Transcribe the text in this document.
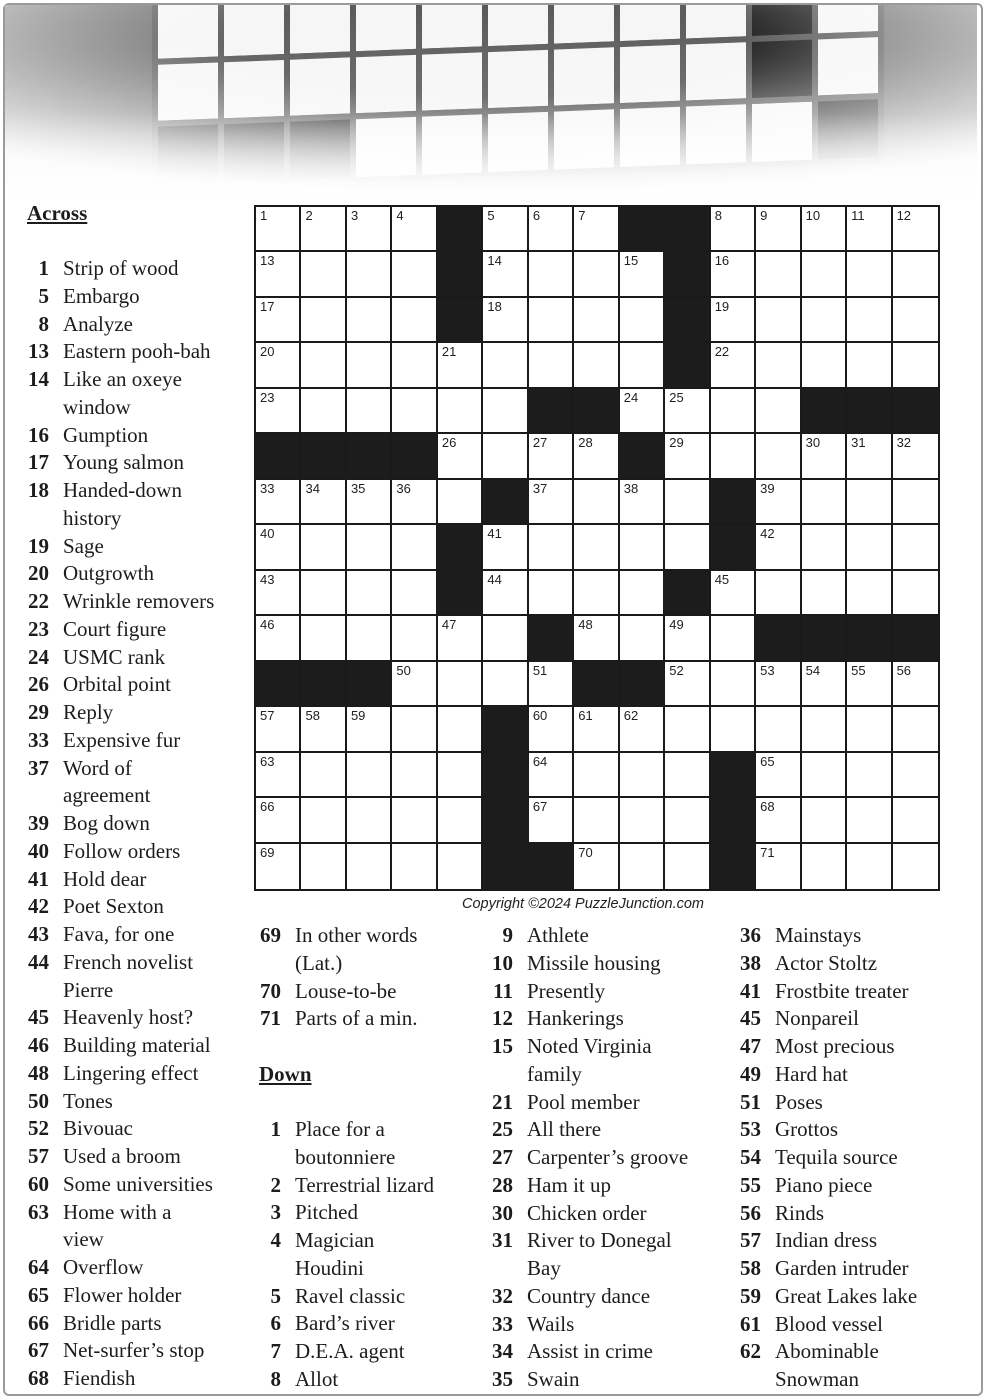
Across
1 Strip of wood
5 Embargo
8 Analyze
13 Eastern pooh-bah
14 Like an oxeye
window
16 Gumption
17 Young salmon
18 Handed-down
history
19 Sage
20 Outgrowth
22 Wrinkle removers
23 Court figure
24 USMC rank
26 Orbital point
29 Reply
33 Expensive fur
37 Word of
agreement
39 Bog down
40 Follow orders
41 Hold dear
42 Poet Sexton
43 Fava, for one
44 French novelist
Pierre
45 Heavenly host?
46 Building material
48 Lingering effect
50 Tones
52 Bivouac
57 Used a broom
60 Some universities
63 Home with a
view
64 Overflow
65 Flower holder
66 Bridle parts
67 Net-surfer’s stop
68 Fiendish
1	2	3	4	5	6	7	8	9	10 11 12
13	14	15	16
17	18	19
20	21	22
23	24 25
26	27 28	29	30 31 32
33 34 35 36	37	38	39
40	41	42
43	44	45
46	47	48	49
50	51	52	53 54 55 56
57 58 59	60 61 62
63	64	65
66	67	68
69	70	71
Copyright ©2024 PuzzleJunction.com
69 In other words
(Lat.)
70 Louse-to-be
71 Parts of a min.
Down
1 Place for a
boutonniere
2 Terrestrial lizard
3 Pitched
4 Magician
Houdini
5 Ravel classic
6 Bard’s river
7 D.E.A. agent
8 Allot
9 Athlete
10 Missile housing
11 Presently
12 Hankerings
15 Noted Virginia
family
21 Pool member
25 All there
27 Carpenter’s groove
28 Ham it up
30 Chicken order
31 River to Donegal
Bay
32 Country dance
33 Wails
34 Assist in crime
35 Swain
36 Mainstays
38 Actor Stoltz
41 Frostbite treater
45 Nonpareil
47 Most precious
49 Hard hat
51 Poses
53 Grottos
54 Tequila source
55 Piano piece
56 Rinds
57 Indian dress
58 Garden intruder
59 Great Lakes lake
61 Blood vessel
62 Abominable
Snowman
